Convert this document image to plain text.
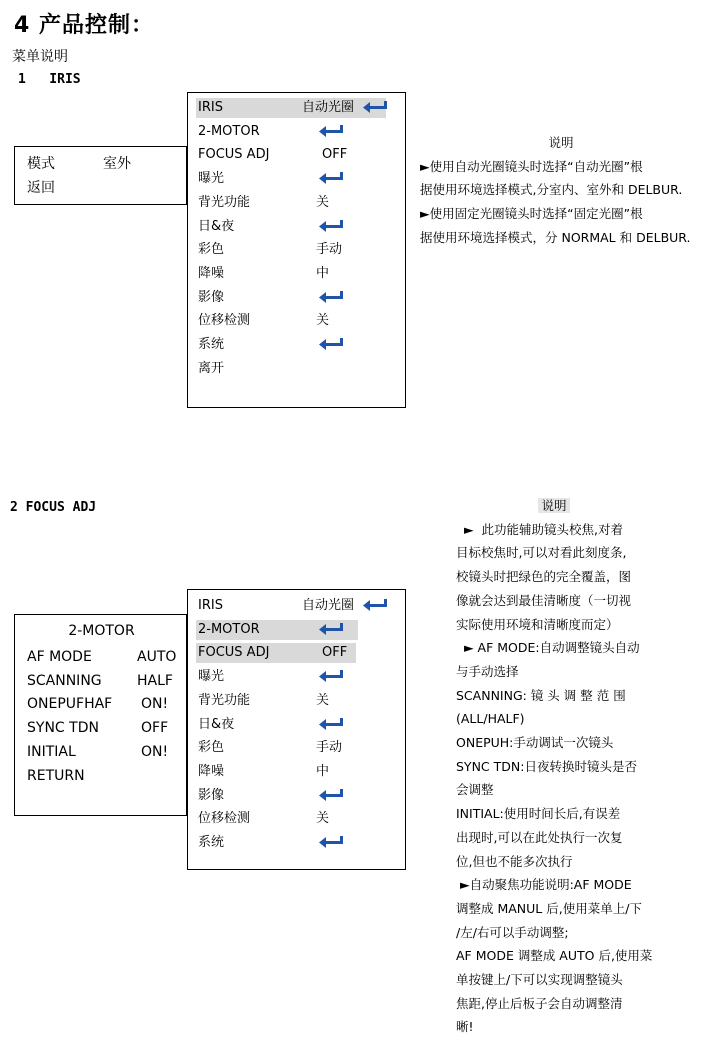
4 产品控制：
菜单说明
1   IRIS
模式	室外
返回
IRIS	自动光圈
2-MOTOR
FOCUS ADJ	OFF
曝光
背光功能	关
日&夜
彩色	手动
降噪	中
影像
位移检测	关
系统
离开

说明

►使用自动光圈镜头时选择“自动光圈”根

据使用环境选择模式,分室内、室外和 DELBUR.

►使用固定光圈镜头时选择“固定光圈”根

据使用环境选择模式，分 NORMAL 和 DELBUR.

2 FOCUS ADJ
2-MOTOR
AF MODE	AUTO
SCANNING	HALF
ONEPUFHAF ON!
SYNC TDN	OFF
INITIAL	ON!
RETURN
IRIS	自动光圈
2-MOTOR
FOCUS ADJ	OFF
曝光
背光功能	关
日&夜
彩色	手动
降噪	中
影像
位移检测	关
系统

说明

►  此功能辅助镜头校焦,对着

目标校焦时,可以对看此刻度条,

校镜头时把绿色的完全覆盖，图

像就会达到最佳清晰度（一切视

实际使用环境和清晰度而定）

► AF MODE:自动调整镜头自动

与手动选择

SCANNING: 镜 头 调 整 范 围

(ALL/HALF)

ONEPUH:手动调试一次镜头

SYNC TDN:日夜转换时镜头是否

会调整

INITIAL:使用时间长后,有误差

出现时,可以在此处执行一次复

位,但也不能多次执行

►自动聚焦功能说明:AF MODE

调整成 MANUL 后,使用菜单上/下

/左/右可以手动调整;

AF MODE 调整成 AUTO 后,使用菜

单按键上/下可以实现调整镜头

焦距,停止后板子会自动调整清

晰!
